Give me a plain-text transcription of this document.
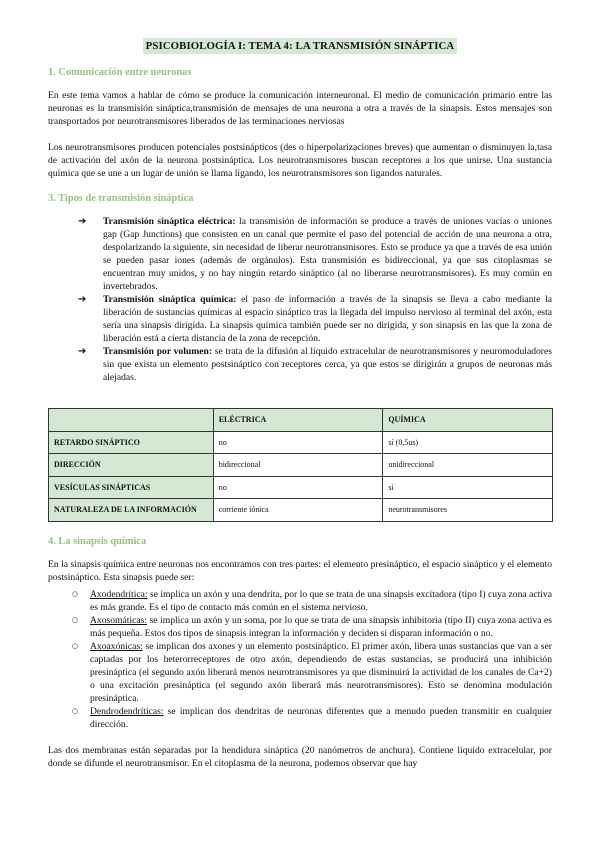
PSICOBIOLOGÍA I: TEMA 4: LA TRANSMISIÓN SINÁPTICA
1. Comunicación entre neuronas

En este tema vamos a hablar de cómo se produce la comunicación interneuronal. El medio de comunicación primario entre las neuronas es la transmisión sináptica,transmisión de mensajes de una neurona a otra a través de la sinapsis. Estos mensajes son transportados por neurotransmisores liberados de las terminaciones nerviosas

Los neurotransmisores producen potenciales postsinápticos (des o hiperpolarizaciones breves) que aumentan o disminuyen la,tasa de activación del axón de la neurona postsináptica. Los neurotransmisores buscan receptores a los que unirse. Una sustancia química que se une a un lugar de unión se llama ligando, los neurotransmisores son ligandos naturales.

3. Tipos de transmisión sináptica
➔ Transmisión sináptica eléctrica: la transmisión de información se produce a través de uniones vacías o uniones gap (Gap Junctions) que consisten en un canal que permite el paso del potencial de acción de una neurona a otra, despolarizando la siguiente, sin necesidad de liberar neurotransmisores. Esto se produce ya que a través de esa unión se pueden pasar iones (además de orgánulos). Esta transmisión es bidireccional, ya que sus citoplasmas se encuentran muy unidos, y no hay ningún retardo sináptico (al no liberarse neurotransmisores). Es muy común en invertebrados.
➔ Transmisión sináptica química: el paso de información a través de la sinapsis se lleva a cabo mediante la liberación de sustancias químicas al espacio sináptico tras la llegada del impulso nervioso al terminal del axón, esta sería una sinapsis dirigida. La sinapsis química también puede ser no dirigida, y son sinapsis en las que la zona de liberación está a cierta distancia de la zona de recepción.
➔ Transmisión por volumen: se trata de la difusión al líquido extracelular de neurotransmisores y neuromoduladores sin que exista un elemento postsináptico con receptores cerca, ya que estos se dirigirán a grupos de neuronas más alejadas.
	ELÉCTRICA	QUÍMICA
RETARDO SINÁPTICO	no	sí (0,5us)
DIRECCIÓN	bidireccional	unidireccional
VESÍCULAS SINÁPTICAS	no	sí
NATURALEZA DE LA INFORMACIÓN	corriente iónica	neurotransmisores
4. La sinapsis química

En la sinapsis química entre neuronas nos encontramos con tres partes: el elemento presináptico, el espacio sináptico y el elemento postsináptico. Esta sinapsis puede ser:

○ Axodendrítica: se implica un axón y una dendrita, por lo que se trata de una sinapsis excitadora (tipo I) cuya zona activa es más grande. Es el tipo de contacto más común en el sistema nervioso.
○ Axosomáticas: se implica un axón y un soma, por lo que se trata de una sinapsis inhibitoria (tipo II) cuya zona activa es más pequeña. Estos dos tipos de sinapsis integran la información y deciden si disparan información o no.
○ Axoaxónicas: se implican dos axones y un elemento postsináptico. El primer axón, libera unas sustancias que van a ser captadas por los heterorreceptores de otro axón, dependiendo de estas sustancias, se producirá una inhibición presináptica (el segundo axón liberará menos neurotransmisores ya que disminuirá la actividad de los canales de Ca+2) o una excitación presináptica (el segundo axón liberará más neurotransmisores). Esto se denomina modulación presináptica.
○ Dendrodendríticas: se implican dos dendritas de neuronas diferentes que a menudo pueden transmitir en cualquier dirección.

Las dos membranas están separadas por la hendidura sináptica (20 nanómetros de anchura). Contiene líquido extracelular, por donde se difunde el neurotransmisor. En el citoplasma de la neurona, podemos observar que hay
